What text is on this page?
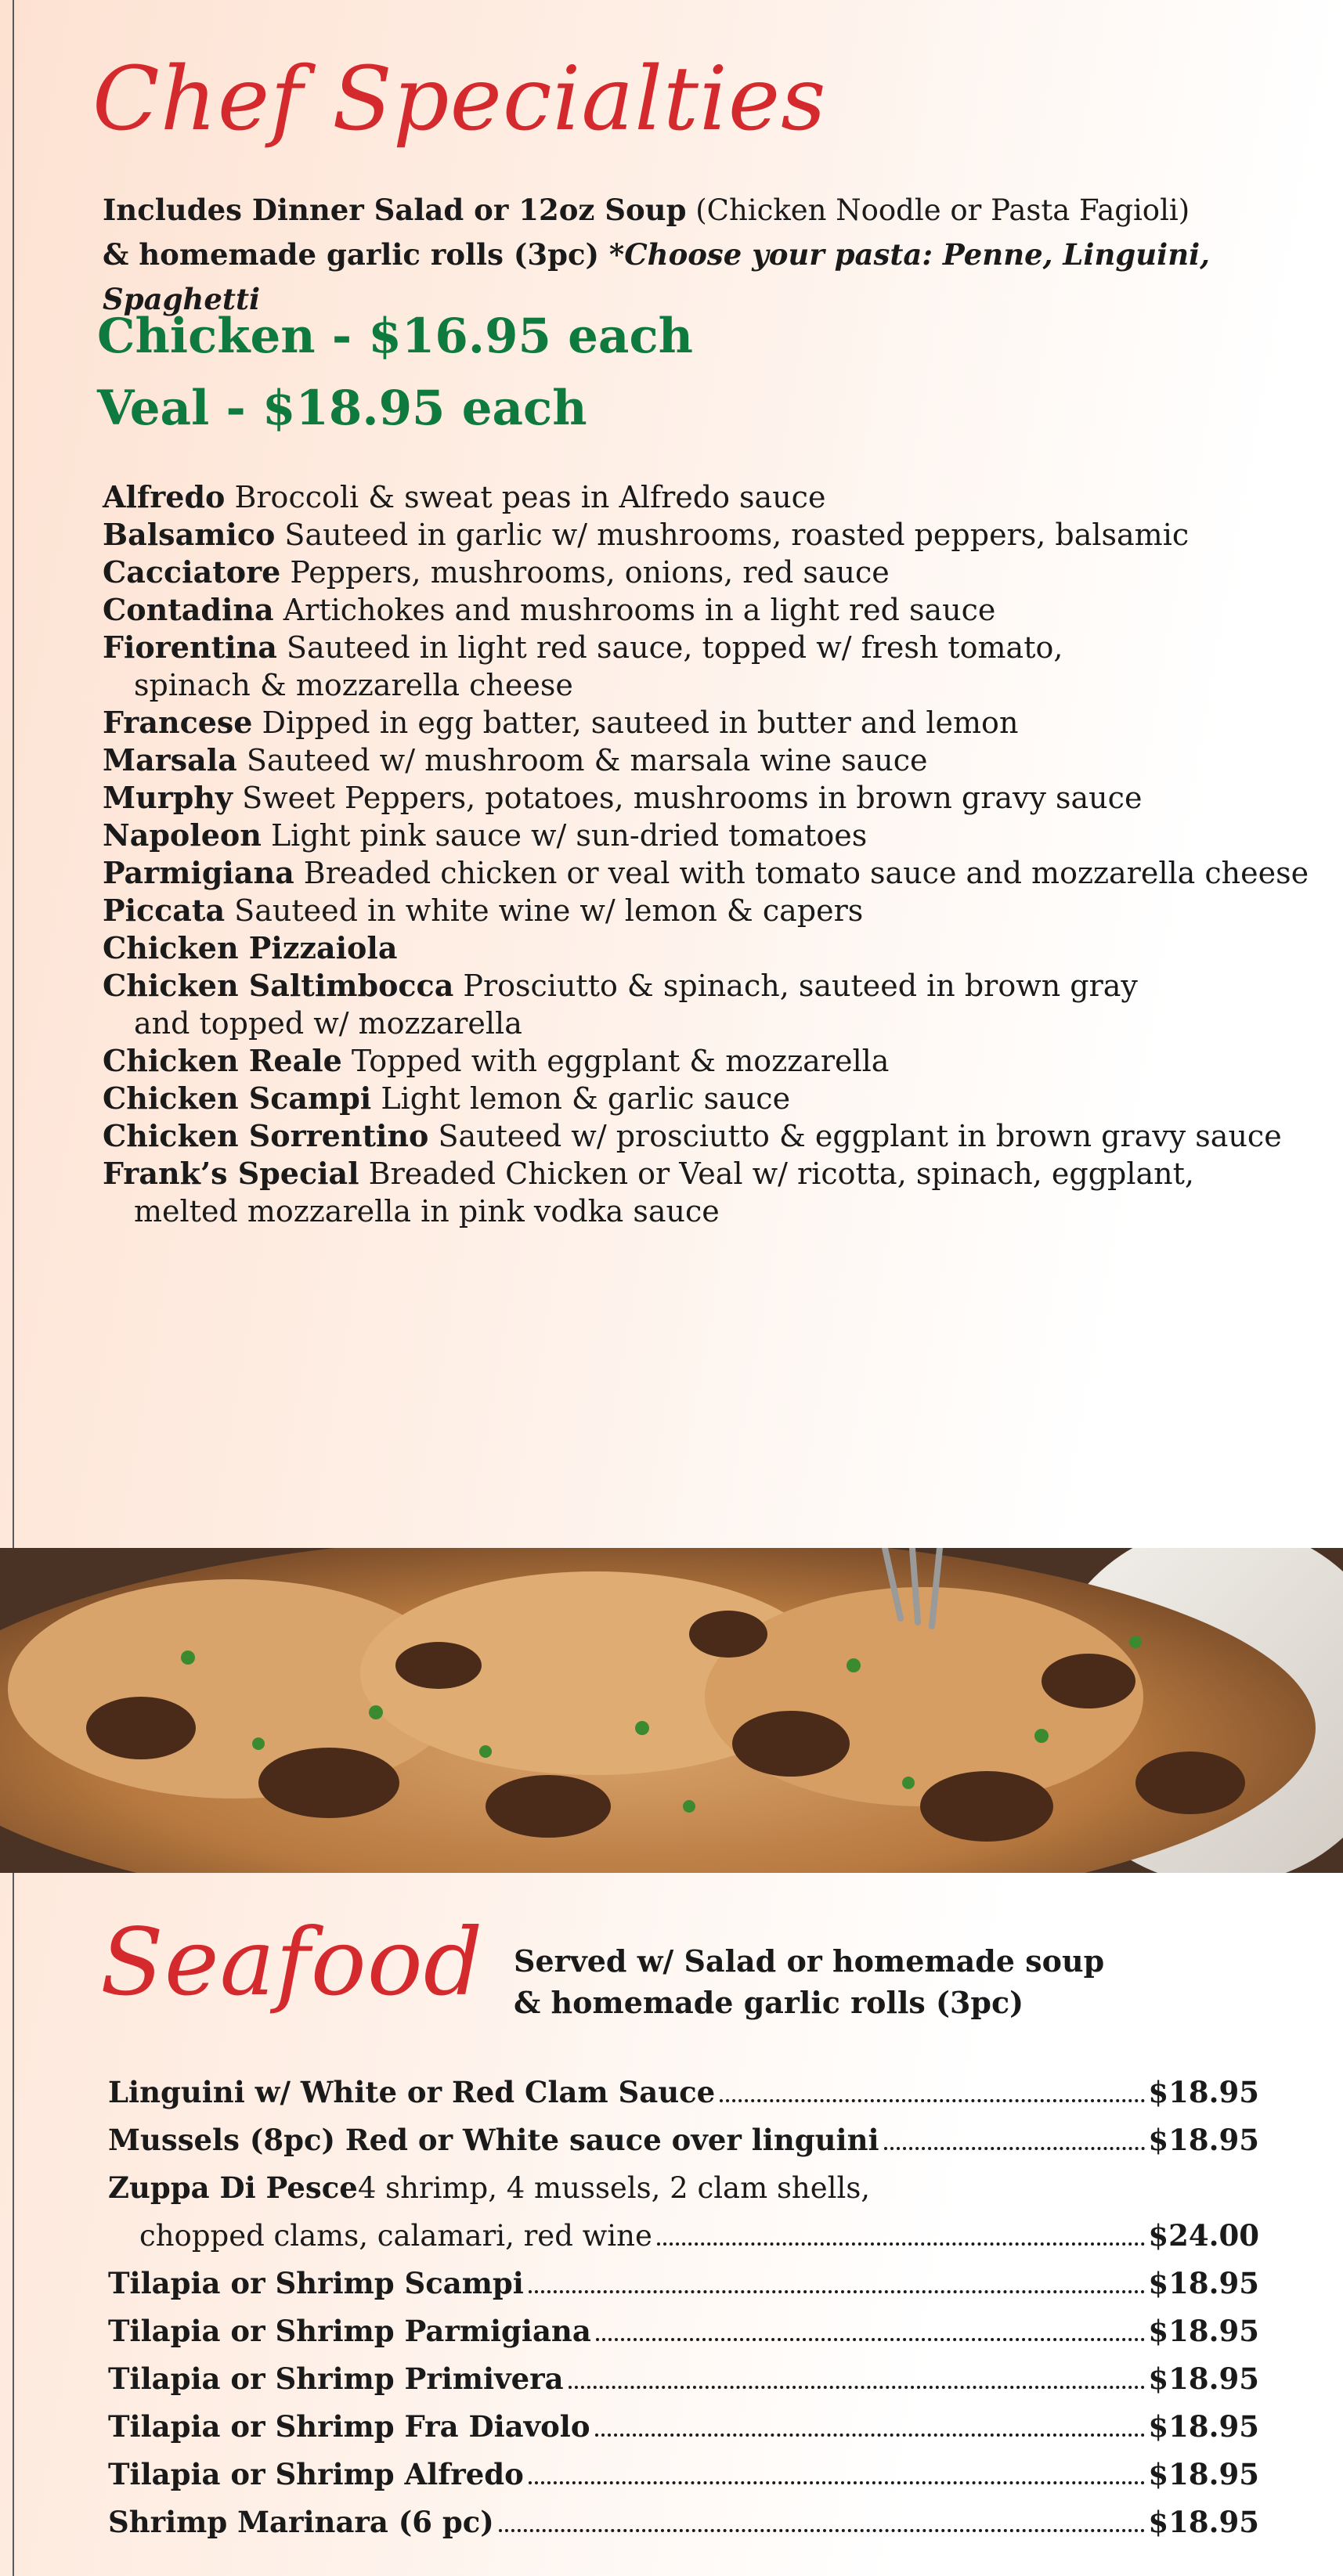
Chef Specialties
Includes Dinner Salad or 12oz Soup (Chicken Noodle or Pasta Fagioli)
& homemade garlic rolls (3pc) *Choose your pasta: Penne, Linguini, Spaghetti
Chicken - $16.95 each
Veal - $18.95 each
Alfredo Broccoli & sweat peas in Alfredo sauce
Balsamico Sauteed in garlic w/ mushrooms, roasted peppers, balsamic
Cacciatore Peppers, mushrooms, onions, red sauce
Contadina Artichokes and mushrooms in a light red sauce
Fiorentina Sauteed in light red sauce, topped w/ fresh tomato,
spinach & mozzarella cheese
Francese Dipped in egg batter, sauteed in butter and lemon
Marsala Sauteed w/ mushroom & marsala wine sauce
Murphy Sweet Peppers, potatoes, mushrooms in brown gravy sauce
Napoleon Light pink sauce w/ sun-dried tomatoes
Parmigiana Breaded chicken or veal with tomato sauce and mozzarella cheese
Piccata Sauteed in white wine w/ lemon & capers
Chicken Pizzaiola
Chicken Saltimbocca Prosciutto & spinach, sauteed in brown gray
and topped w/ mozzarella
Chicken Reale Topped with eggplant & mozzarella
Chicken Scampi Light lemon & garlic sauce
Chicken Sorrentino Sauteed w/ prosciutto & eggplant in brown gravy sauce
Frank’s Special Breaded Chicken or Veal w/ ricotta, spinach, eggplant,
melted mozzarella in pink vodka sauce
Seafood Served w/ Salad or homemade soup
& homemade garlic rolls (3pc)
Linguini w/ White or Red Clam Sauce	$18.95
Mussels (8pc) Red or White sauce over linguini	$18.95
Zuppa Di Pesce 4 shrimp, 4 mussels, 2 clam shells,
chopped clams, calamari, red wine	$24.00
Tilapia or Shrimp Scampi	$18.95
Tilapia or Shrimp Parmigiana	$18.95
Tilapia or Shrimp Primivera	$18.95
Tilapia or Shrimp Fra Diavolo	$18.95
Tilapia or Shrimp Alfredo	$18.95
Shrimp Marinara (6 pc)	$18.95
